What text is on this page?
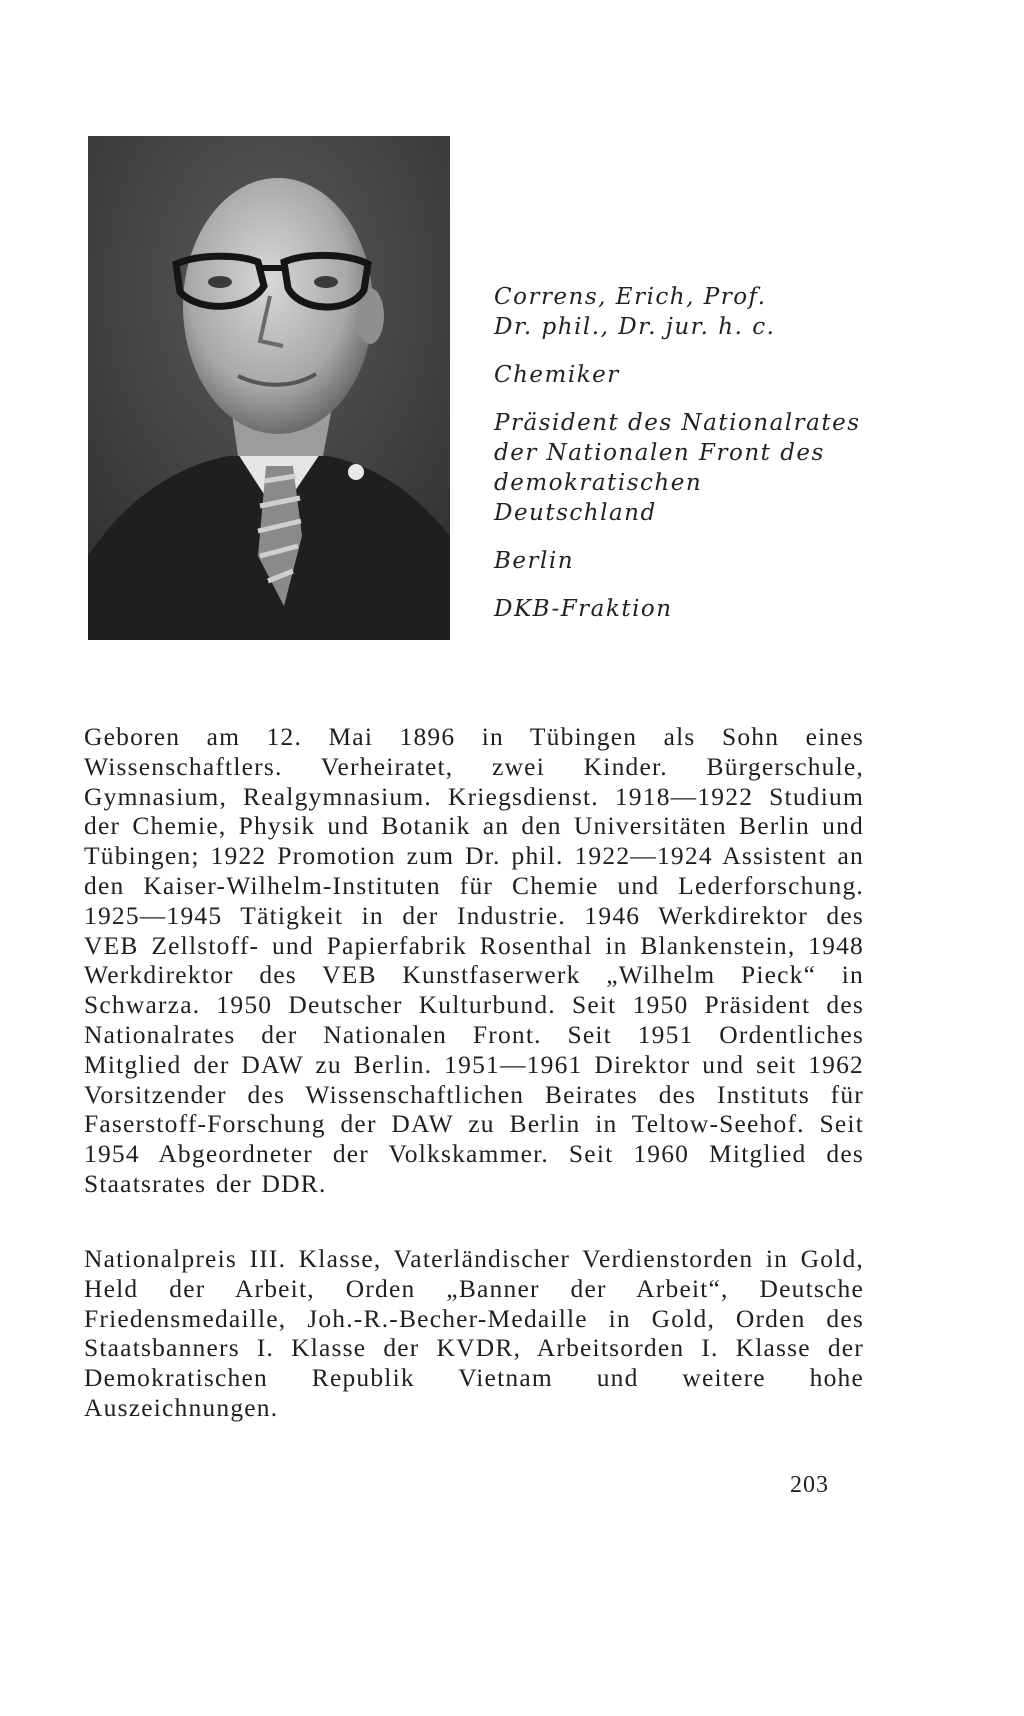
Correns, Erich, Prof.
Dr. phil., Dr. jur. h. c.
Chemiker
Präsident des Nationalrates
der Nationalen Front des
demokratischen
Deutschland
Berlin
DKB-Fraktion

Geboren am 12. Mai 1896 in Tübingen als Sohn eines Wissenschaftlers. Verheiratet, zwei Kinder. Bürgerschule, Gymnasium, Realgymnasium. Kriegsdienst. 1918—1922 Studium der Chemie, Physik und Botanik an den Universitäten Berlin und Tübingen; 1922 Promotion zum Dr. phil. 1922—1924 Assistent an den Kaiser-Wilhelm-Instituten für Chemie und Lederforschung. 1925—1945 Tätigkeit in der Industrie. 1946 Werkdirektor des VEB Zellstoff- und Papierfabrik Rosenthal in Blankenstein, 1948 Werkdirektor des VEB Kunstfaserwerk „Wilhelm Pieck“ in Schwarza. 1950 Deutscher Kulturbund. Seit 1950 Präsident des Nationalrates der Nationalen Front. Seit 1951 Ordentliches Mitglied der DAW zu Berlin. 1951—1961 Direktor und seit 1962 Vorsitzender des Wissenschaftlichen Beirates des Instituts für Faserstoff-Forschung der DAW zu Berlin in Teltow-Seehof. Seit 1954 Abgeordneter der Volkskammer. Seit 1960 Mitglied des Staatsrates der DDR.

Nationalpreis III. Klasse, Vaterländischer Verdienstorden in Gold, Held der Arbeit, Orden „Banner der Arbeit“, Deutsche Friedensmedaille, Joh.-R.-Becher-Medaille in Gold, Orden des Staatsbanners I. Klasse der KVDR, Arbeitsorden I. Klasse der Demokratischen Republik Vietnam und weitere hohe Auszeichnungen.

203
